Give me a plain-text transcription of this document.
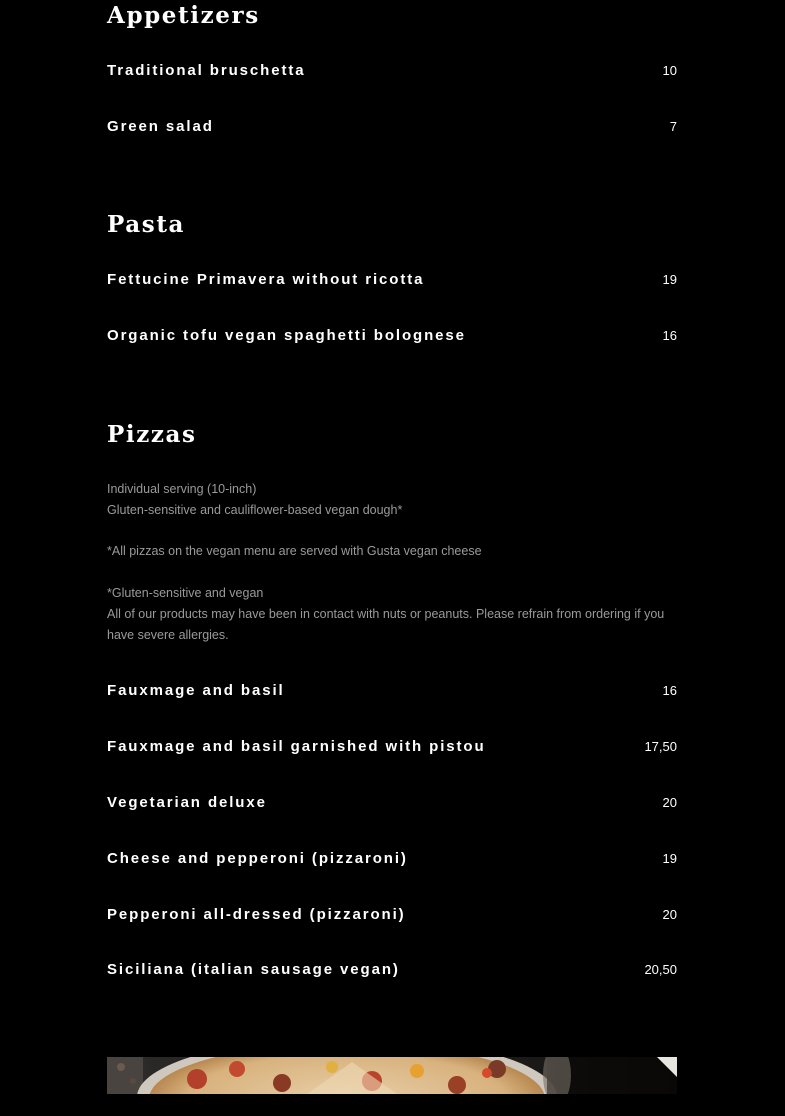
Appetizers
Traditional bruschetta	10
Green salad	7
Pasta
Fettucine Primavera without ricotta	19
Organic tofu vegan spaghetti bolognese	16
Pizzas

Individual serving (10-inch)

Gluten-sensitive and cauliflower-based vegan dough*

*All pizzas on the vegan menu are served with Gusta vegan cheese

*Gluten-sensitive and vegan

All of our products may have been in contact with nuts or peanuts. Please refrain from ordering if you have severe allergies.

Fauxmage and basil	16
Fauxmage and basil garnished with pistou	17,50
Vegetarian deluxe	20
Cheese and pepperoni (pizzaroni)	19
Pepperoni all-dressed (pizzaroni)	20
Siciliana (italian sausage vegan)	20,50
